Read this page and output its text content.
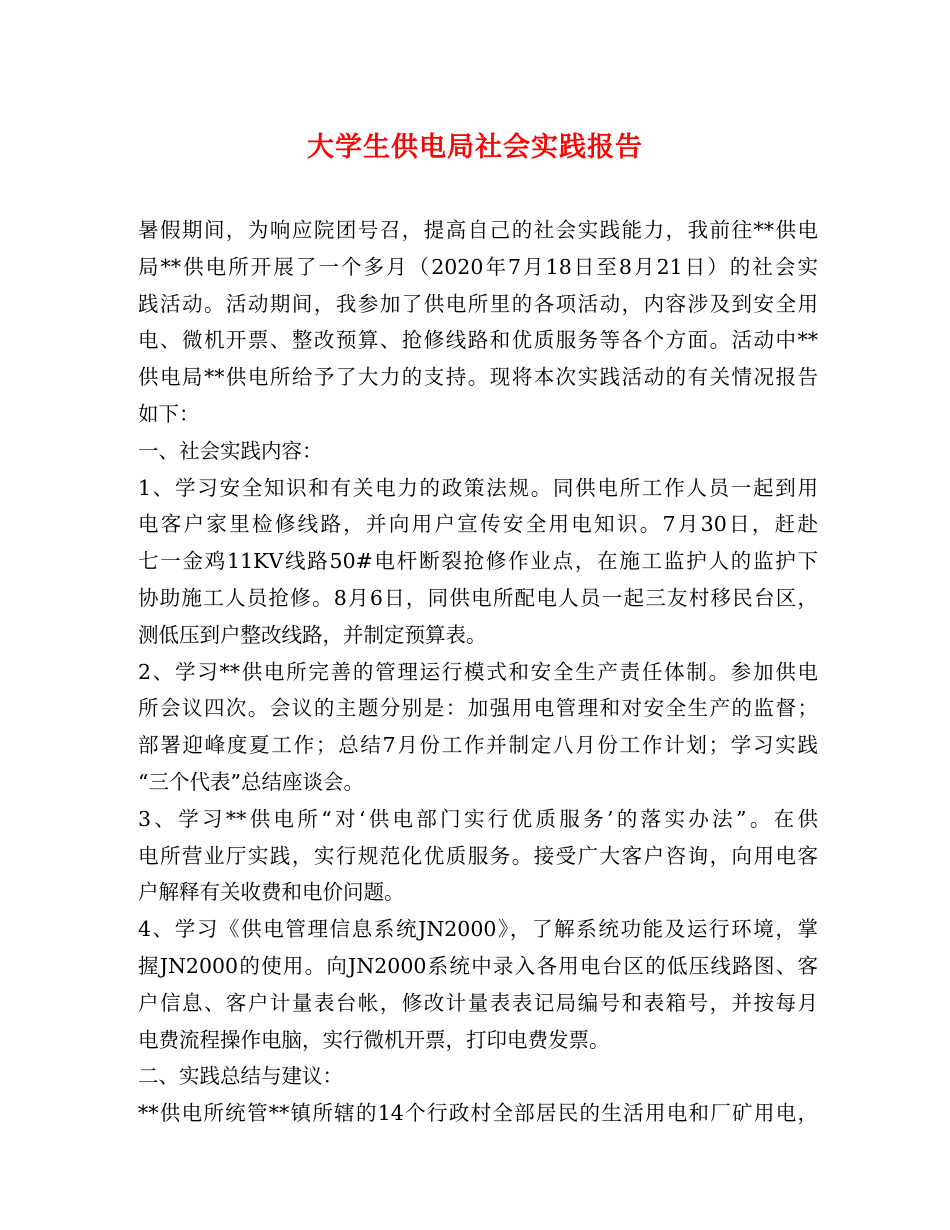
大学生供电局社会实践报告
暑假期间，为响应院团号召，提高自己的社会实践能力，我前往**供电
局**供电所开展了一个多月（2020年7月18日至8月21日）的社会实
践活动。活动期间，我参加了供电所里的各项活动，内容涉及到安全用
电、微机开票、整改预算、抢修线路和优质服务等各个方面。活动中**
供电局**供电所给予了大力的支持。现将本次实践活动的有关情况报告
如下：
一、社会实践内容：
1、学习安全知识和有关电力的政策法规。同供电所工作人员一起到用
电客户家里检修线路，并向用户宣传安全用电知识。7月30日，赶赴
七一金鸡11KV线路50#电杆断裂抢修作业点，在施工监护人的监护下
协助施工人员抢修。8月6日，同供电所配电人员一起三友村移民台区，
测低压到户整改线路，并制定预算表。
2、学习**供电所完善的管理运行模式和安全生产责任体制。参加供电
所会议四次。会议的主题分别是：加强用电管理和对安全生产的监督；
部署迎峰度夏工作；总结7月份工作并制定八月份工作计划；学习实践
“三个代表”总结座谈会。
3、学习**供电所“对‘供电部门实行优质服务’的落实办法”。在供
电所营业厅实践，实行规范化优质服务。接受广大客户咨询，向用电客
户解释有关收费和电价问题。
4、学习《供电管理信息系统JN2000》，了解系统功能及运行环境，掌
握JN2000的使用。向JN2000系统中录入各用电台区的低压线路图、客
户信息、客户计量表台帐，修改计量表表记局编号和表箱号，并按每月
电费流程操作电脑，实行微机开票，打印电费发票。
二、实践总结与建议：
**供电所统管**镇所辖的14个行政村全部居民的生活用电和厂矿用电，
